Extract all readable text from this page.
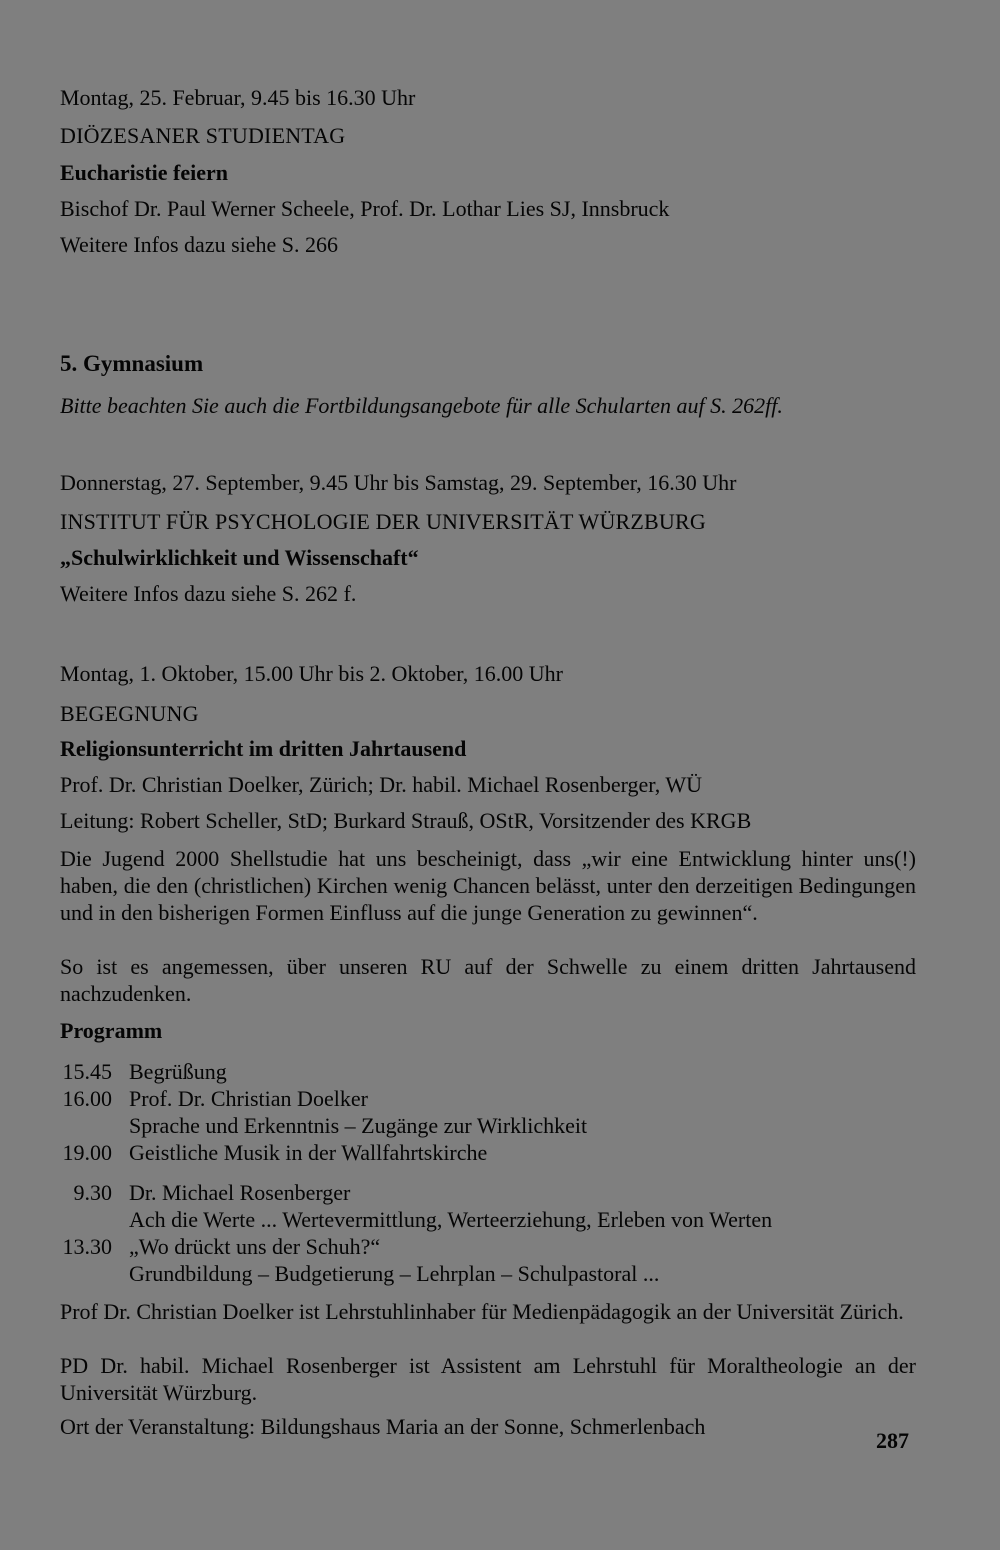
Montag, 25. Februar, 9.45 bis 16.30 Uhr
DIÖZESANER STUDIENTAG
Eucharistie feiern
Bischof Dr. Paul Werner Scheele, Prof. Dr. Lothar Lies SJ, Innsbruck
Weitere Infos dazu siehe S. 266
5. Gymnasium
Bitte beachten Sie auch die Fortbildungsangebote für alle Schularten auf S. 262ff.
Donnerstag, 27. September, 9.45 Uhr bis Samstag, 29. September, 16.30 Uhr
INSTITUT FÜR PSYCHOLOGIE DER UNIVERSITÄT WÜRZBURG
„Schulwirklichkeit und Wissenschaft“
Weitere Infos dazu siehe S. 262 f.
Montag, 1. Oktober, 15.00 Uhr bis 2. Oktober, 16.00 Uhr
BEGEGNUNG
Religionsunterricht im dritten Jahrtausend
Prof. Dr. Christian Doelker, Zürich; Dr. habil. Michael Rosenberger, WÜ
Leitung: Robert Scheller, StD; Burkard Strauß, OStR, Vorsitzender des KRGB
Die Jugend 2000 Shellstudie hat uns bescheinigt, dass „wir eine Entwicklung hinter uns(!) haben, die den (christlichen) Kirchen wenig Chancen belässt, unter den derzeitigen Bedingungen und in den bisherigen Formen Einfluss auf die junge Generation zu gewinnen“.
So ist es angemessen, über unseren RU auf der Schwelle zu einem dritten Jahrtausend nachzudenken.
Programm
15.45 Begrüßung
16.00 Prof. Dr. Christian Doelker
Sprache und Erkenntnis – Zugänge zur Wirklichkeit
19.00 Geistliche Musik in der Wallfahrtskirche
9.30 Dr. Michael Rosenberger
Ach die Werte ... Wertevermittlung, Werteerziehung, Erleben von Werten
13.30 „Wo drückt uns der Schuh?“
Grundbildung – Budgetierung – Lehrplan – Schulpastoral ...
Prof Dr. Christian Doelker ist Lehrstuhlinhaber für Medienpädagogik an der Universität Zürich.
PD Dr. habil. Michael Rosenberger ist Assistent am Lehrstuhl für Moraltheologie an der Universität Würzburg.
Ort der Veranstaltung: Bildungshaus Maria an der Sonne, Schmerlenbach
287
